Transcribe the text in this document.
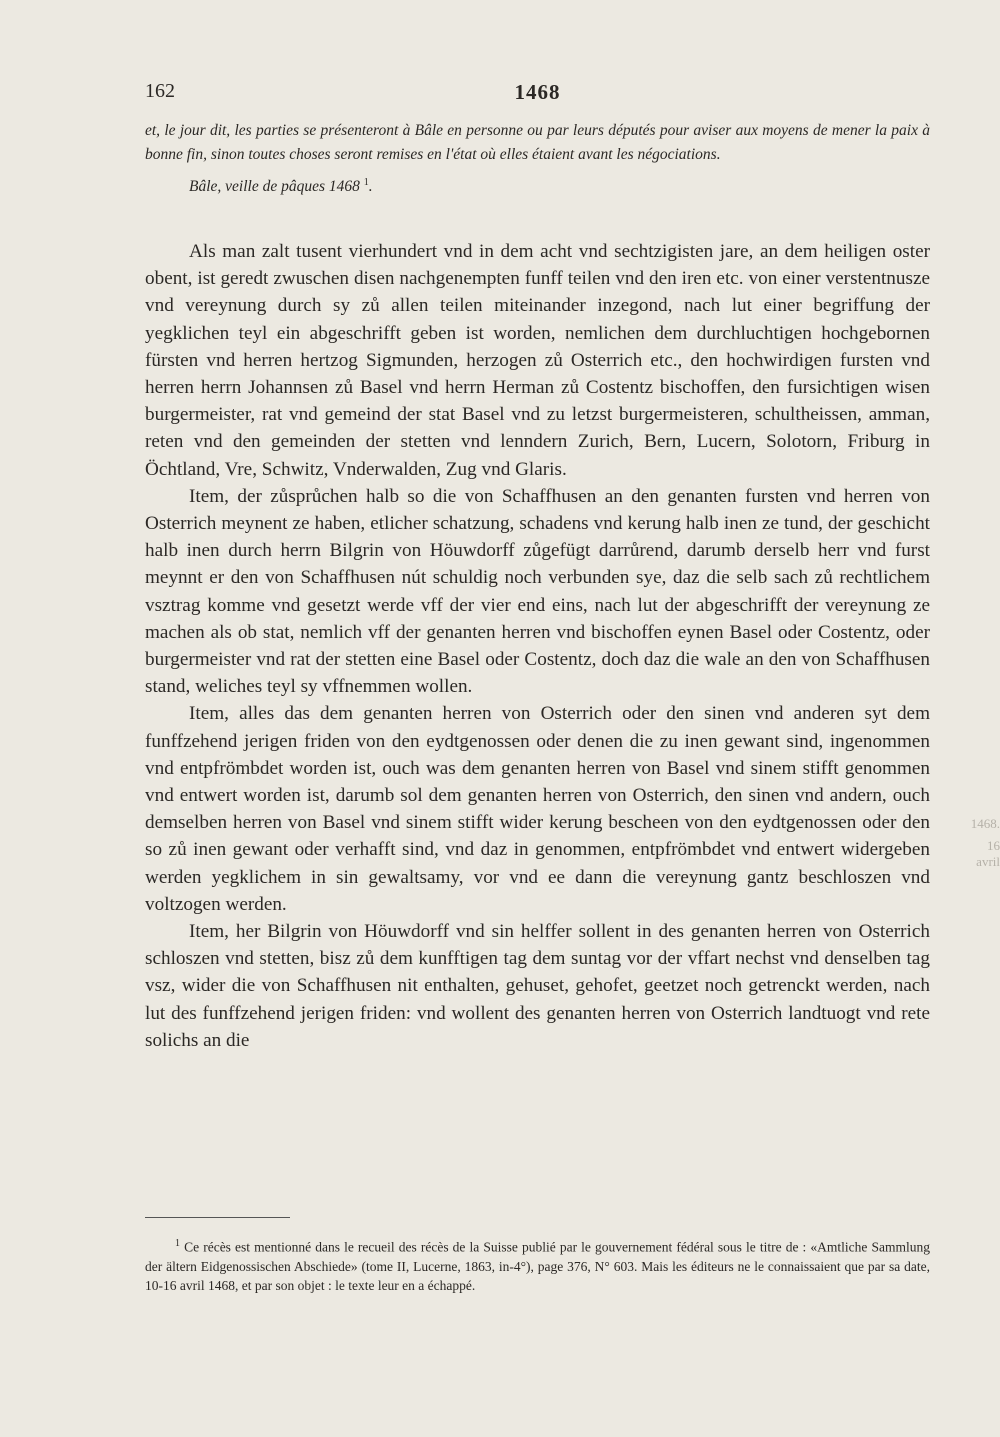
162	1468

et, le jour dit, les parties se présenteront à Bâle en personne ou par leurs députés pour aviser aux moyens de mener la paix à bonne fin, sinon toutes choses seront remises en l'état où elles étaient avant les négociations.

Bâle, veille de pâques 1468 $^1$.

Als man zalt tusent vierhundert vnd in dem acht vnd sechtzigisten jare, an dem heiligen oster obent, ist geredt zwuschen disen nachgenempten funff teilen vnd den iren etc. von einer verstentnusze vnd vereynung durch sy zů allen teilen miteinander inzegond, nach lut einer begriffung der yegklichen teyl ein abgeschrifft geben ist worden, nemlichen dem durchluchtigen hochgebornen fürsten vnd herren hertzog Sigmunden, herzogen zů Osterrich etc., den hochwirdigen fursten vnd herren herrn Johannsen zů Basel vnd herrn Herman zů Costentz bischoffen, den fursichtigen wisen burgermeister, rat vnd gemeind der stat Basel vnd zu letzst burgermeisteren, schultheissen, amman, reten vnd den gemeinden der stetten vnd lenndern Zurich, Bern, Lucern, Solotorn, Friburg in Öchtland, Vre, Schwitz, Vnderwalden, Zug vnd Glaris.

Item, der zůsprůchen halb so die von Schaffhusen an den genanten fursten vnd herren von Osterrich meynent ze haben, etlicher schatzung, schadens vnd kerung halb inen ze tund, der geschicht halb inen durch herrn Bilgrin von Höuwdorff zůgefügt darrůrend, darumb derselb herr vnd furst meynnt er den von Schaffhusen nút schuldig noch verbunden sye, daz die selb sach zů rechtlichem vsztrag komme vnd gesetzt werde vff der vier end eins, nach lut der abgeschrifft der vereynung ze machen als ob stat, nemlich vff der genanten herren vnd bischoffen eynen Basel oder Costentz, oder burgermeister vnd rat der stetten eine Basel oder Costentz, doch daz die wale an den von Schaffhusen stand, weliches teyl sy vffnemmen wollen.

Item, alles das dem genanten herren von Osterrich oder den sinen vnd anderen syt dem funffzehend jerigen friden von den eydtgenossen oder denen die zu inen gewant sind, ingenommen vnd entpfrömbdet worden ist, ouch was dem genanten herren von Basel vnd sinem stifft genommen vnd entwert worden ist, darumb sol dem genanten herren von Osterrich, den sinen vnd andern, ouch demselben herren von Basel vnd sinem stifft wider kerung bescheen von den eydtgenossen oder den so zů inen gewant oder verhafft sind, vnd daz in genommen, entpfrömbdet vnd entwert widergeben werden yegklichem in sin gewaltsamy, vor vnd ee dann die vereynung gantz beschloszen vnd voltzogen werden.

Item, her Bilgrin von Höuwdorff vnd sin helffer sollent in des genanten herren von Osterrich schloszen vnd stetten, bisz zů dem kunfftigen tag dem suntag vor der vffart nechst vnd denselben tag vsz, wider die von Schaffhusen nit enthalten, gehuset, gehofet, geetzet noch getrenckt werden, nach lut des funffzehend jerigen friden: vnd wollent des genanten herren von Osterrich landtuogt vnd rete solichs an die

1468.
16 avril

$^1$ Ce récès est mentionné dans le recueil des récès de la Suisse publié par le gouvernement fédéral sous le titre de : «Amtliche Sammlung der ältern Eidgenossischen Abschiede» (tome II, Lucerne, 1863, in-4°), page 376, N° 603. Mais les éditeurs ne le connaissaient que par sa date, 10-16 avril 1468, et par son objet : le texte leur en a échappé.
